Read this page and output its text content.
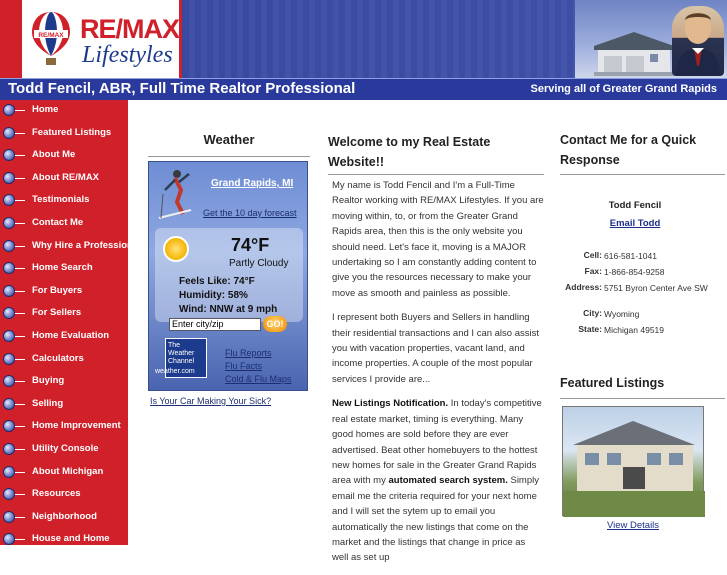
RE/MAX RE/MAX
Lifestyles
Todd Fencil, ABR, Full Time Realtor Professional	Serving all of Greater Grand Rapids
Home
Featured Listings
About Me
About RE/MAX
Testimonials
Contact Me
Why Hire a Professional
Home Search
For Buyers
For Sellers
Home Evaluation
Calculators
Buying
Selling
Home Improvement
Utility Console
About Michigan
Resources
Neighborhood
House and Home
Weather
Grand Rapids, MI
Get the 10 day forecast
74°F
Partly Cloudy
Feels Like: 74°F
Humidity: 58%
Wind: NNW at 9 mph
Enter city/zip	GO!
The Weather Channel
weather.com
Flu Reports
Flu Facts
Cold & Flu Maps
Is Your Car Making Your Sick?
Welcome to my Real Estate Website!!

My name is Todd Fencil and I'm a Full-Time Realtor working with RE/MAX Lifestyles. If you are moving within, to, or from the Greater Grand Rapids area, then this is the only website you should need. Let's face it, moving is a MAJOR undertaking so I am constantly adding content to give you the resources necessary to make your move as smooth and painless as possible.

I represent both Buyers and Sellers in handling their residential transactions and I can also assist you with vacation properties, vacant land, and income properties. A couple of the most popular services I provide are...

New Listings Notification. In today's competitive real estate market, timing is everything. Many good homes are sold before they are ever advertised. Beat other homebuyers to the hottest new homes for sale in the Greater Grand Rapids area with my automated search system. Simply email me the criteria required for your next home and I will set the sytem up to email you automatically the new listings that come on the market and the listings that change in price as well as set up

Contact Me for a Quick Response
Todd Fencil
Email Todd
Cell: 616-581-1041
Fax: 1-866-854-9258
Address: 5751 Byron Center Ave SW
City: Wyoming
State: Michigan 49519
Featured Listings
View Details
